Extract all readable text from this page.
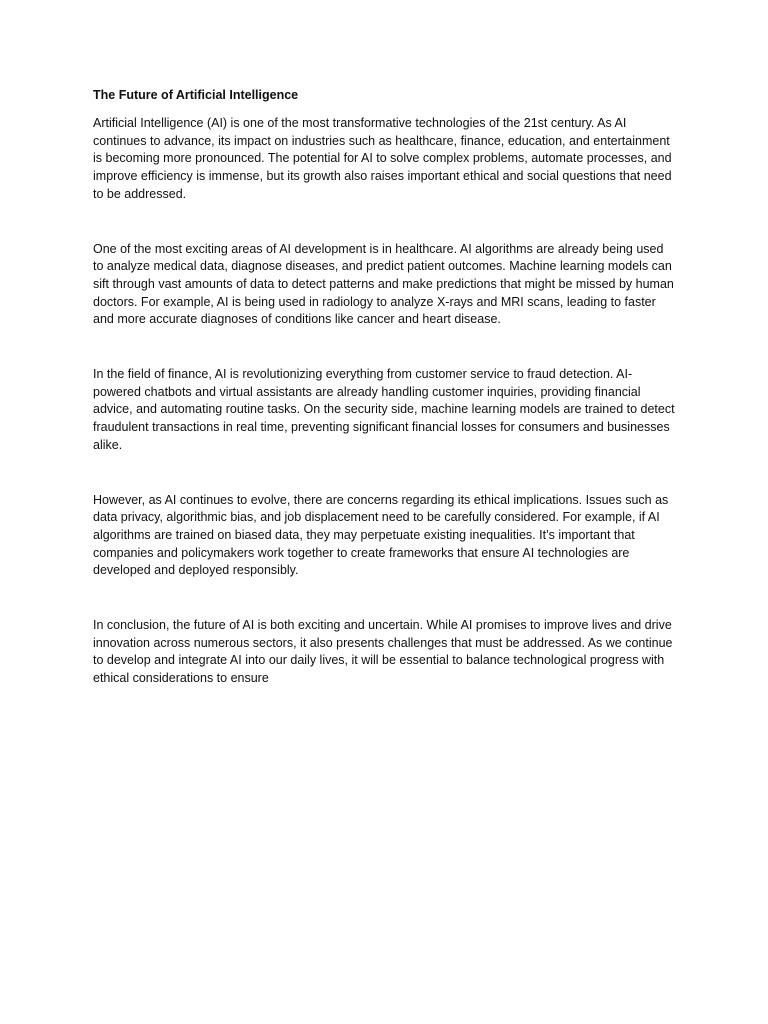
The Future of Artificial Intelligence

Artificial Intelligence (AI) is one of the most transformative technologies of the 21st century. As AI continues to advance, its impact on industries such as healthcare, finance, education, and entertainment is becoming more pronounced. The potential for AI to solve complex problems, automate processes, and improve efficiency is immense, but its growth also raises important ethical and social questions that need to be addressed.

One of the most exciting areas of AI development is in healthcare. AI algorithms are already being used to analyze medical data, diagnose diseases, and predict patient outcomes. Machine learning models can sift through vast amounts of data to detect patterns and make predictions that might be missed by human doctors. For example, AI is being used in radiology to analyze X-rays and MRI scans, leading to faster and more accurate diagnoses of conditions like cancer and heart disease.

In the field of finance, AI is revolutionizing everything from customer service to fraud detection. AI-powered chatbots and virtual assistants are already handling customer inquiries, providing financial advice, and automating routine tasks. On the security side, machine learning models are trained to detect fraudulent transactions in real time, preventing significant financial losses for consumers and businesses alike.

However, as AI continues to evolve, there are concerns regarding its ethical implications. Issues such as data privacy, algorithmic bias, and job displacement need to be carefully considered. For example, if AI algorithms are trained on biased data, they may perpetuate existing inequalities. It’s important that companies and policymakers work together to create frameworks that ensure AI technologies are developed and deployed responsibly.

In conclusion, the future of AI is both exciting and uncertain. While AI promises to improve lives and drive innovation across numerous sectors, it also presents challenges that must be addressed. As we continue to develop and integrate AI into our daily lives, it will be essential to balance technological progress with ethical considerations to ensure
